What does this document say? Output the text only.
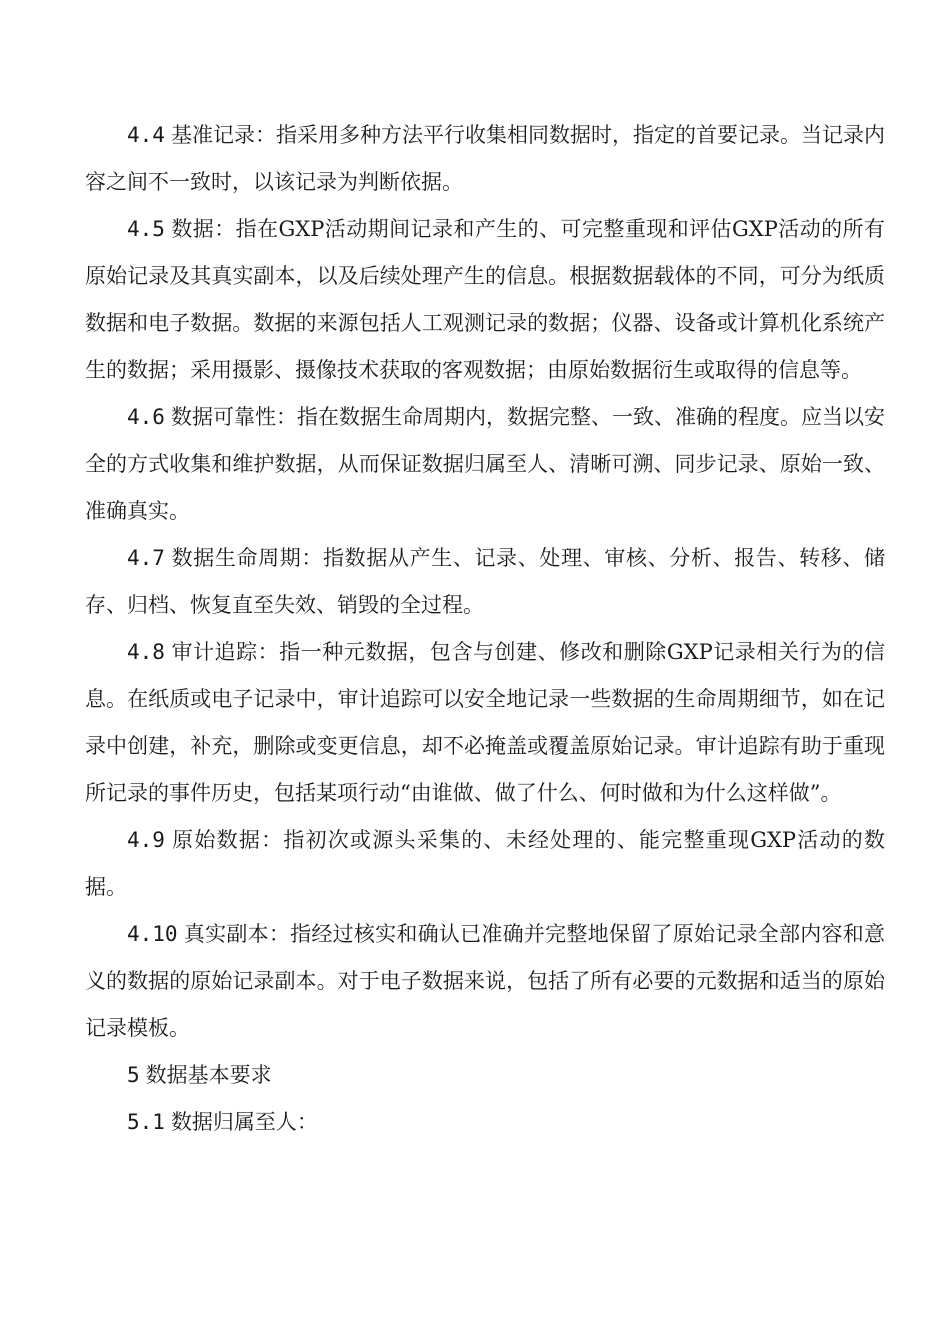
4.4 基准记录：指采用多种方法平行收集相同数据时，指定的首要记录。当记录内容之间不一致时，以该记录为判断依据。

4.5 数据：指在GXP活动期间记录和产生的、可完整重现和评估GXP活动的所有原始记录及其真实副本，以及后续处理产生的信息。根据数据载体的不同，可分为纸质数据和电子数据。数据的来源包括人工观测记录的数据；仪器、设备或计算机化系统产生的数据；采用摄影、摄像技术获取的客观数据；由原始数据衍生或取得的信息等。

4.6 数据可靠性：指在数据生命周期内，数据完整、一致、准确的程度。应当以安全的方式收集和维护数据，从而保证数据归属至人、清晰可溯、同步记录、原始一致、准确真实。

4.7 数据生命周期：指数据从产生、记录、处理、审核、分析、报告、转移、储存、归档、恢复直至失效、销毁的全过程。

4.8 审计追踪：指一种元数据，包含与创建、修改和删除GXP记录相关行为的信息。在纸质或电子记录中，审计追踪可以安全地记录一些数据的生命周期细节，如在记录中创建，补充，删除或变更信息，却不必掩盖或覆盖原始记录。审计追踪有助于重现所记录的事件历史，包括某项行动“由谁做、做了什么、何时做和为什么这样做”。

4.9 原始数据：指初次或源头采集的、未经处理的、能完整重现GXP活动的数据。

4.10 真实副本：指经过核实和确认已准确并完整地保留了原始记录全部内容和意义的数据的原始记录副本。对于电子数据来说，包括了所有必要的元数据和适当的原始记录模板。

5 数据基本要求

5.1 数据归属至人：
